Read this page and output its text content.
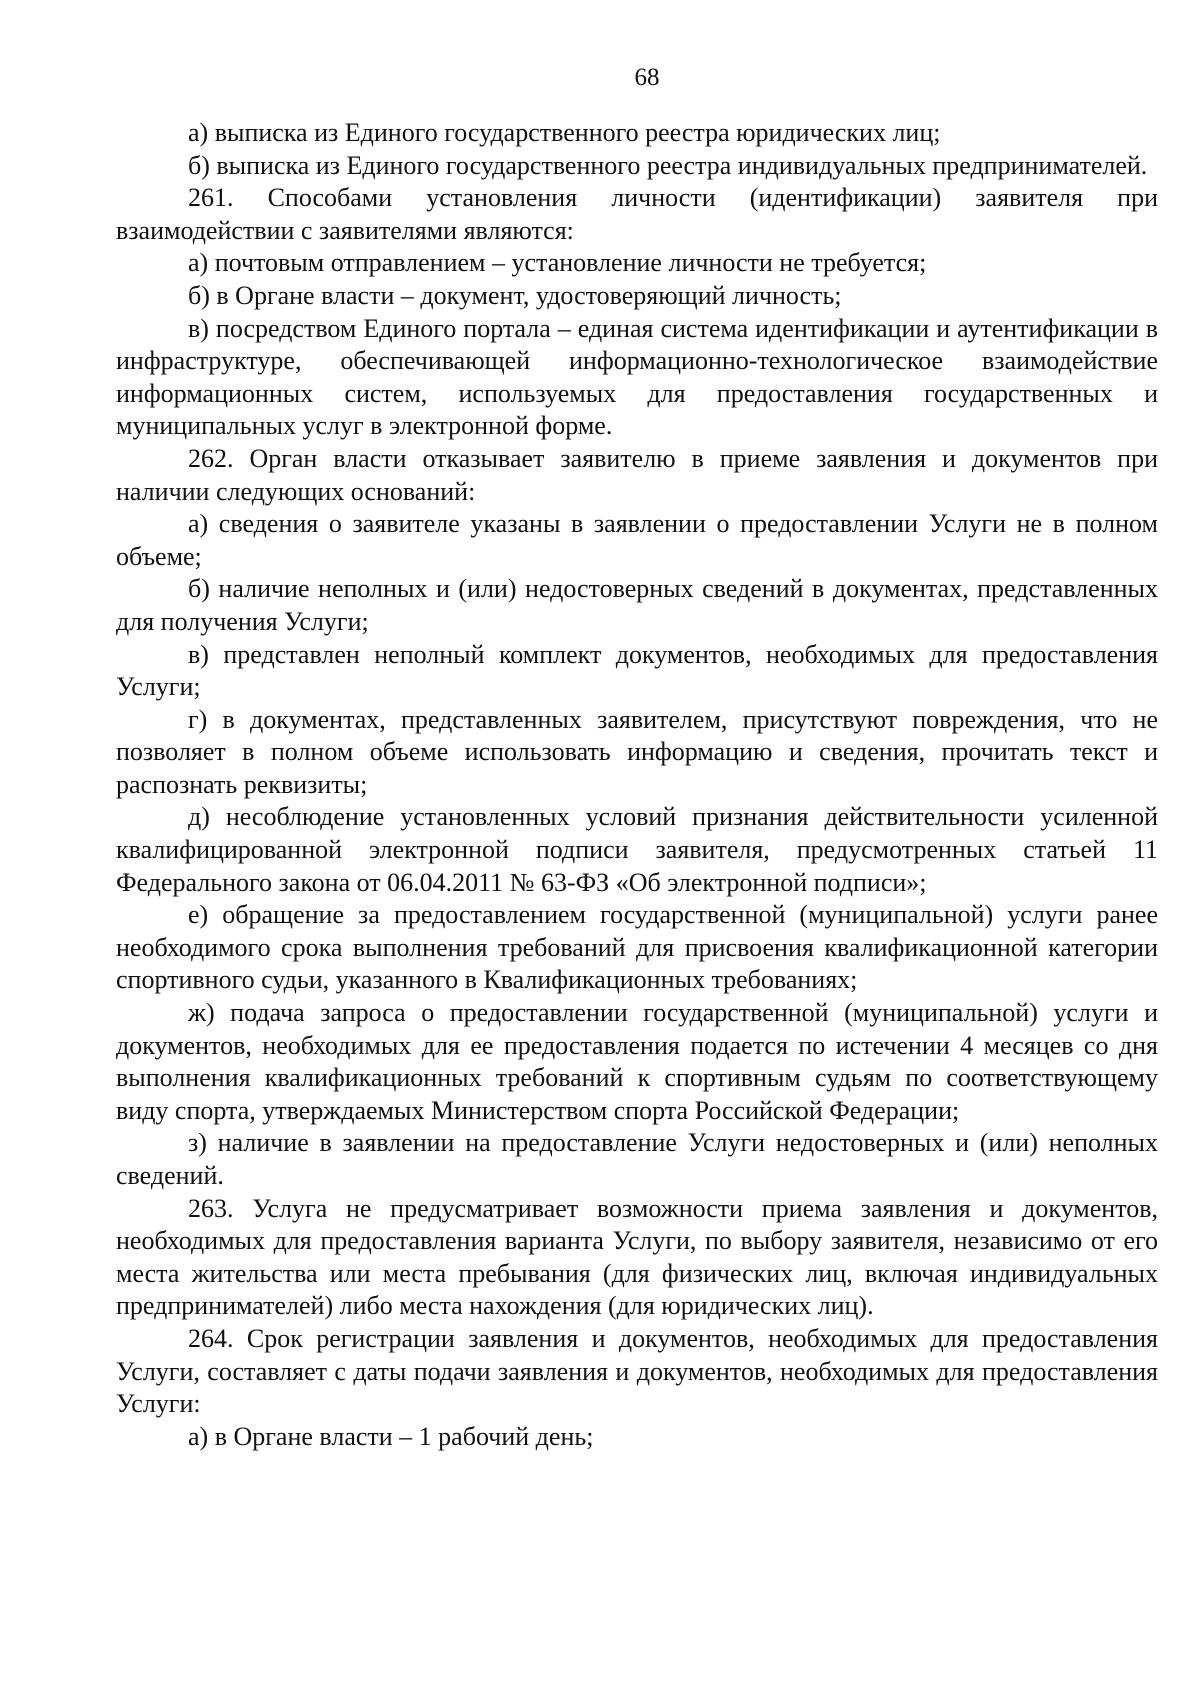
68

а) выписка из Единого государственного реестра юридических лиц;

б) выписка из Единого государственного реестра индивидуальных предпринимателей.

261. Способами установления личности (идентификации) заявителя при взаимодействии с заявителями являются:

а) почтовым отправлением – установление личности не требуется;

б) в Органе власти – документ, удостоверяющий личность;

в) посредством Единого портала – единая система идентификации и аутентификации в инфраструктуре, обеспечивающей информационно-технологическое взаимодействие информационных систем, используемых для предоставления государственных и муниципальных услуг в электронной форме.

262. Орган власти отказывает заявителю в приеме заявления и документов при наличии следующих оснований:

а) сведения о заявителе указаны в заявлении о предоставлении Услуги не в полном объеме;

б) наличие неполных и (или) недостоверных сведений в документах, представленных для получения Услуги;

в) представлен неполный комплект документов, необходимых для предоставления Услуги;

г) в документах, представленных заявителем, присутствуют повреждения, что не позволяет в полном объеме использовать информацию и сведения, прочитать текст и распознать реквизиты;

д) несоблюдение установленных условий признания действительности усиленной квалифицированной электронной подписи заявителя, предусмотренных статьей 11 Федерального закона от 06.04.2011 № 63-ФЗ «Об электронной подписи»;

е) обращение за предоставлением государственной (муниципальной) услуги ранее необходимого срока выполнения требований для присвоения квалификационной категории спортивного судьи, указанного в Квалификационных требованиях;

ж) подача запроса о предоставлении государственной (муниципальной) услуги и документов, необходимых для ее предоставления подается по истечении 4 месяцев со дня выполнения квалификационных требований к спортивным судьям по соответствующему виду спорта, утверждаемых Министерством спорта Российской Федерации;

з) наличие в заявлении на предоставление Услуги недостоверных и (или) неполных сведений.

263. Услуга не предусматривает возможности приема заявления и документов, необходимых для предоставления варианта Услуги, по выбору заявителя, независимо от его места жительства или места пребывания (для физических лиц, включая индивидуальных предпринимателей) либо места нахождения (для юридических лиц).

264. Срок регистрации заявления и документов, необходимых для предоставления Услуги, составляет с даты подачи заявления и документов, необходимых для предоставления Услуги:

а) в Органе власти – 1 рабочий день;
